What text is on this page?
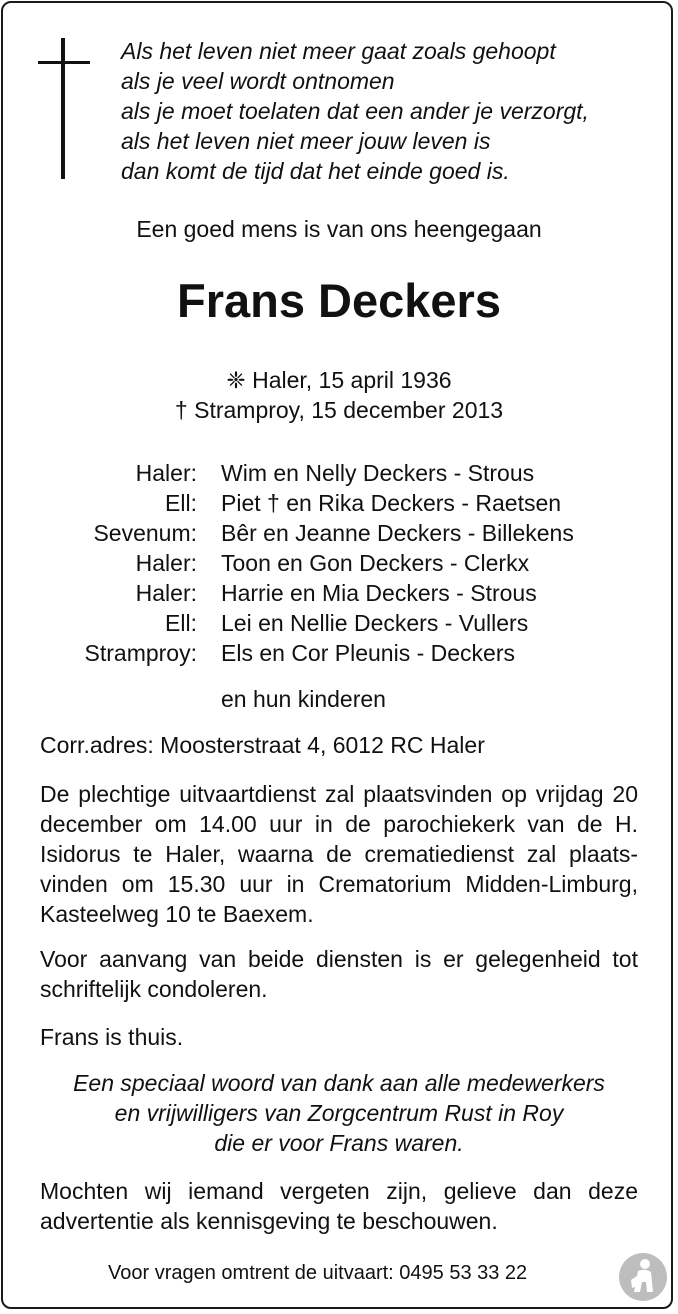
Als het leven niet meer gaat zoals gehoopt
als je veel wordt ontnomen
als je moet toelaten dat een ander je verzorgt,
als het leven niet meer jouw leven is
dan komt de tijd dat het einde goed is.
Een goed mens is van ons heengegaan
Frans Deckers
❈ Haler, 15 april 1936
† Stramproy, 15 december 2013
Haler: Wim en Nelly Deckers - Strous
Ell: Piet † en Rika Deckers - Raetsen
Sevenum: Bêr en Jeanne Deckers - Billekens
Haler: Toon en Gon Deckers - Clerkx
Haler: Harrie en Mia Deckers - Strous
Ell: Lei en Nellie Deckers - Vullers
Stramproy: Els en Cor Pleunis - Deckers
en hun kinderen
Corr.adres: Moosterstraat 4, 6012 RC Haler
De plechtige uitvaartdienst zal plaatsvinden op vrijdag 20 december om 14.00 uur in de parochiekerk van de H. Isidorus te Haler, waarna de crematiedienst zal plaats-vinden om 15.30 uur in Crematorium Midden-Limburg, Kasteelweg 10 te Baexem.
Voor aanvang van beide diensten is er gelegenheid tot schriftelijk condoleren.
Frans is thuis.
Een speciaal woord van dank aan alle medewerkers
en vrijwilligers van Zorgcentrum Rust in Roy
die er voor Frans waren.
Mochten wij iemand vergeten zijn, gelieve dan deze advertentie als kennisgeving te beschouwen.
Voor vragen omtrent de uitvaart: 0495 53 33 22
